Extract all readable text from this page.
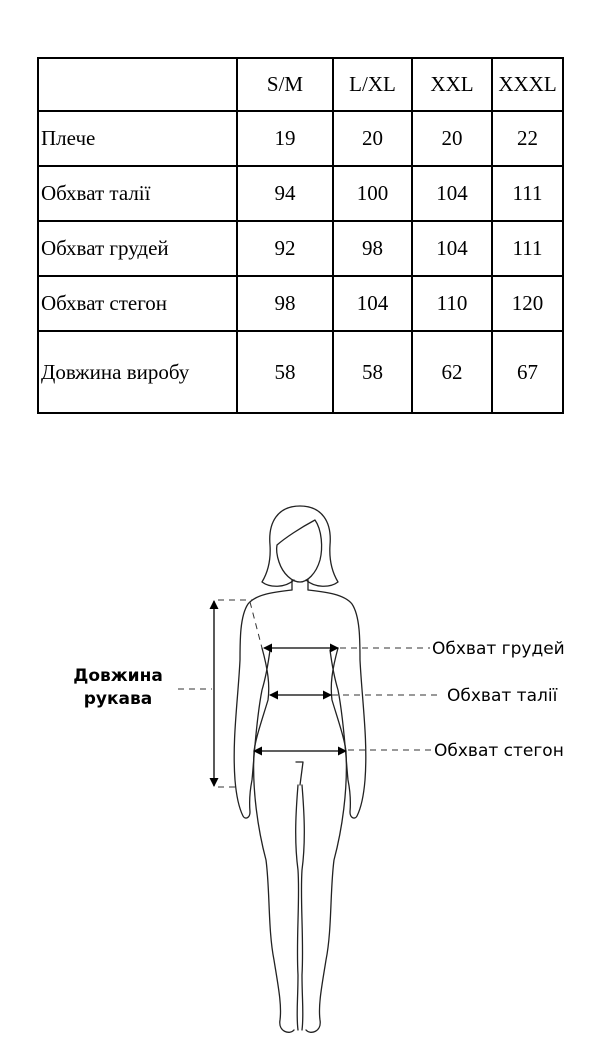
	S/M	L/XL	XXL	XXXL
Плече	19	20	20	22
Обхват талії	94	100	104	111
Обхват грудей	92	98	104	111
Обхват стегон	98	104	110	120
Довжина виробу	58	58	62	67
Довжина
рукава
Обхват грудей
Обхват талії
Обхват стегон
